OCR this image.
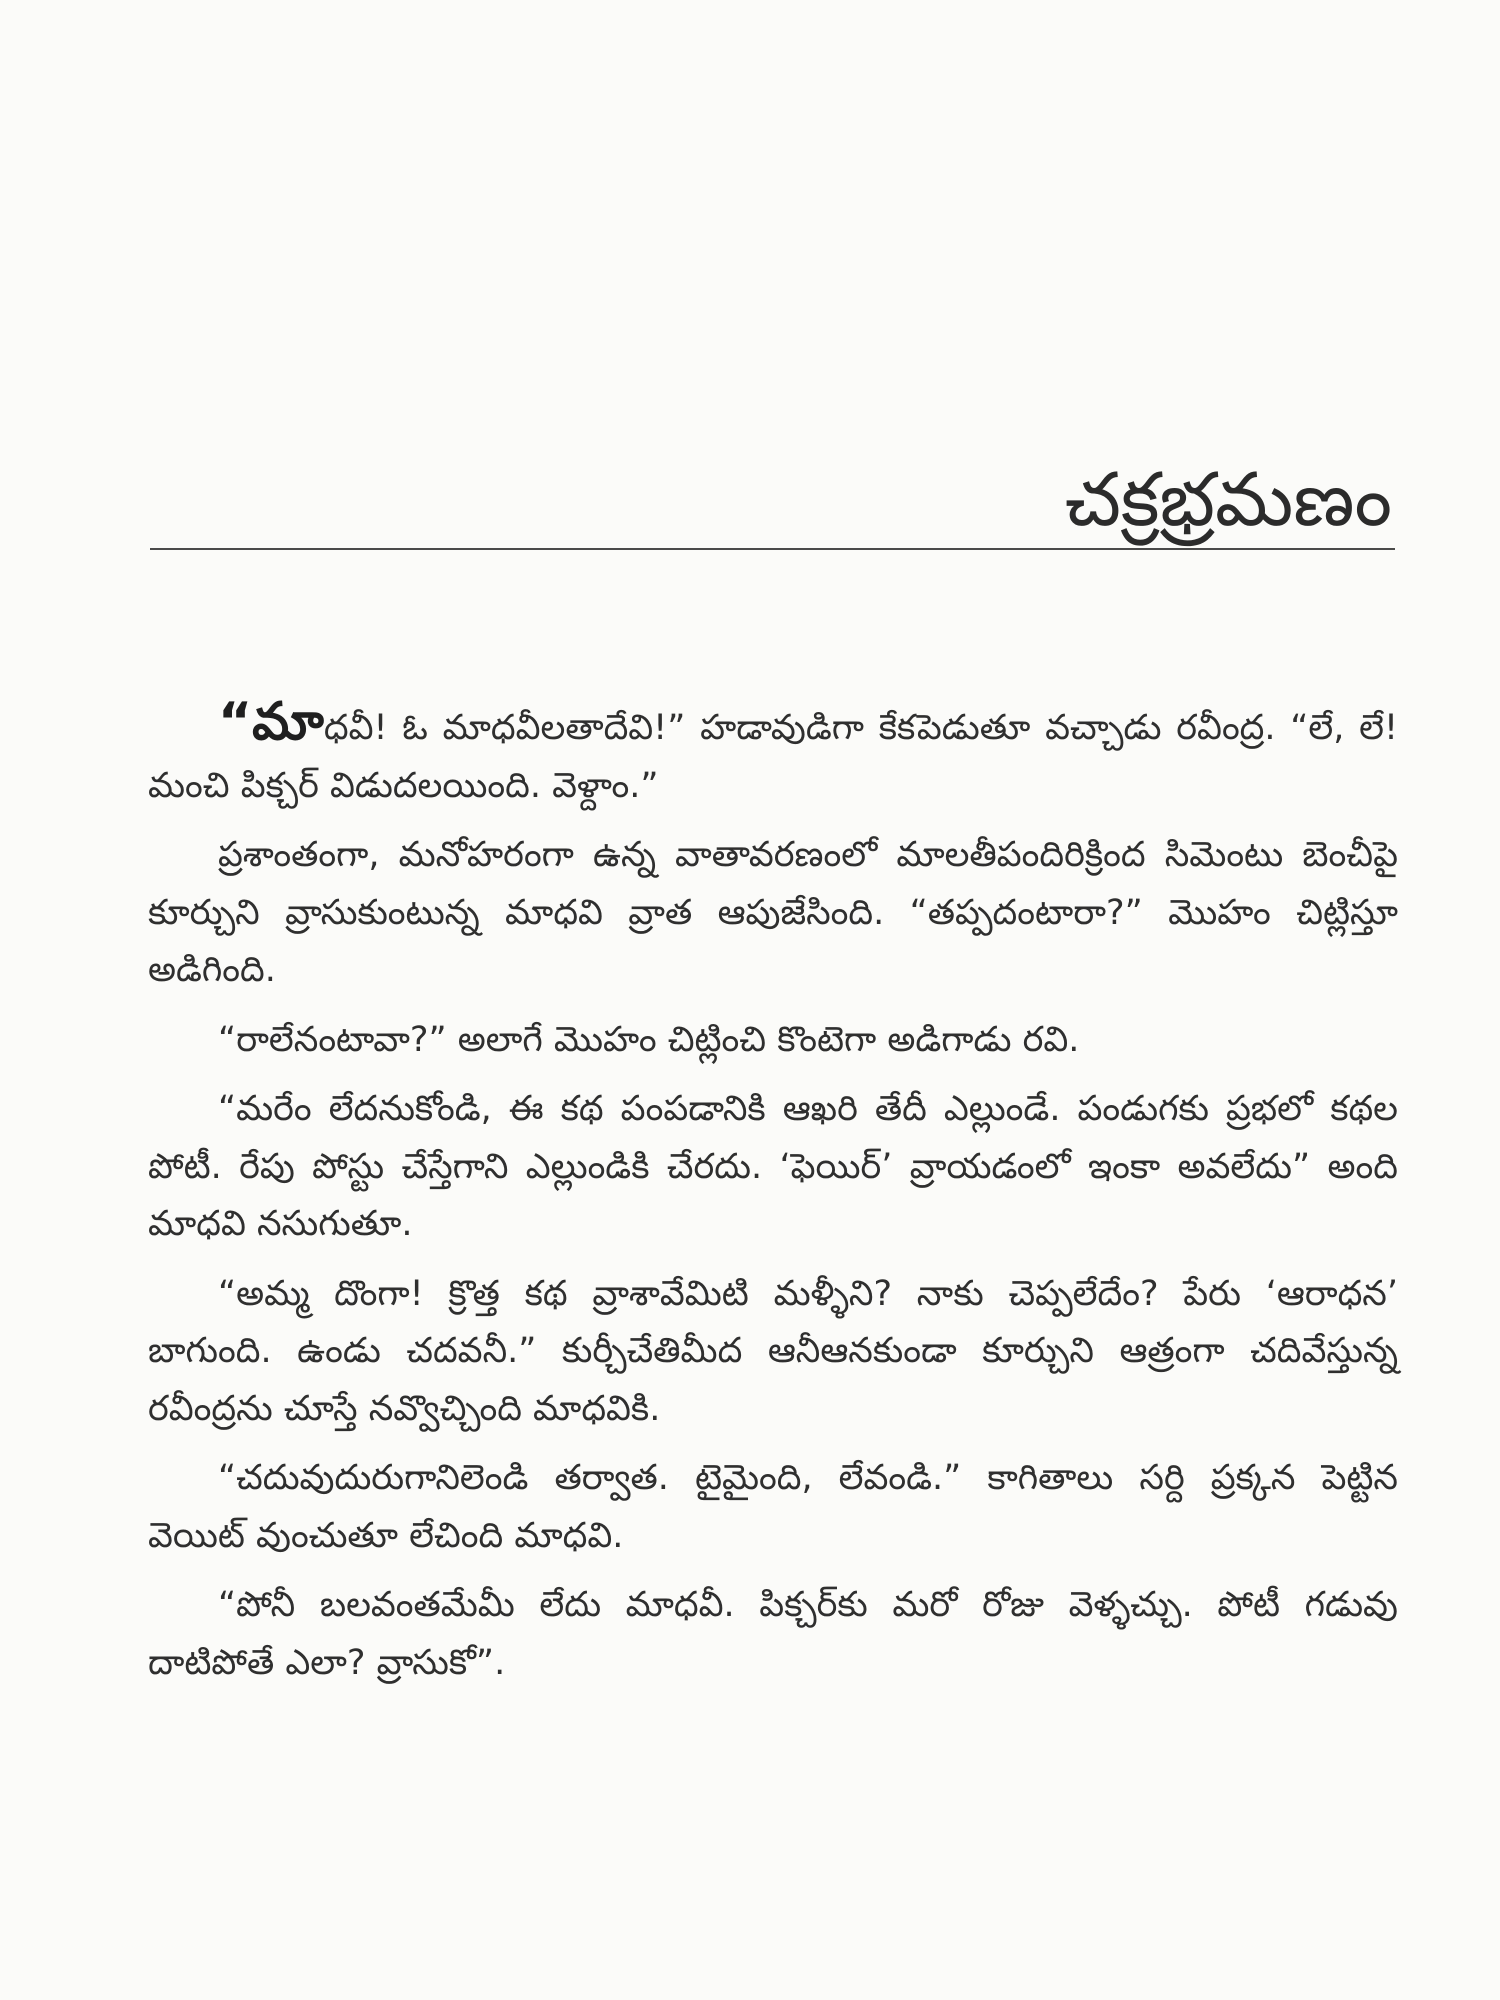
చక్రభ్రమణం

“మాధవీ! ఓ మాధవీలతాదేవి!” హడావుడిగా కేకపెడుతూ వచ్చాడు రవీంద్ర. “లే, లే! మంచి పిక్చర్ విడుదలయింది. వెళ్దాం.”

ప్రశాంతంగా, మనోహరంగా ఉన్న వాతావరణంలో మాలతీపందిరిక్రింద సిమెంటు బెంచీపై కూర్చుని వ్రాసుకుంటున్న మాధవి వ్రాత ఆపుజేసింది. “తప్పదంటారా?” మొహం చిట్లిస్తూ అడిగింది.

“రాలేనంటావా?” అలాగే మొహం చిట్లించి కొంటెగా అడిగాడు రవి.

“మరేం లేదనుకోండి, ఈ కథ పంపడానికి ఆఖరి తేదీ ఎల్లుండే. పండుగకు ప్రభలో కథల పోటీ. రేపు పోస్టు చేస్తేగాని ఎల్లుండికి చేరదు. ‘ఫెయిర్’ వ్రాయడంలో ఇంకా అవలేదు” అంది మాధవి నసుగుతూ.

“అమ్మ దొంగా! క్రొత్త కథ వ్రాశావేమిటి మళ్ళీని? నాకు చెప్పలేదేం? పేరు ‘ఆరాధన’ బాగుంది. ఉండు చదవనీ.” కుర్చీచేతిమీద ఆనీఆనకుండా కూర్చుని ఆత్రంగా చదివేస్తున్న రవీంద్రను చూస్తే నవ్వొచ్చింది మాధవికి.

“చదువుదురుగానిలెండి తర్వాత. టైమైంది, లేవండి.” కాగితాలు సర్ది ప్రక్కన పెట్టిన వెయిట్ వుంచుతూ లేచింది మాధవి.

“పోనీ బలవంతమేమీ లేదు మాధవీ. పిక్చర్‌కు మరో రోజు వెళ్ళచ్చు. పోటీ గడువు దాటిపోతే ఎలా? వ్రాసుకో”.
